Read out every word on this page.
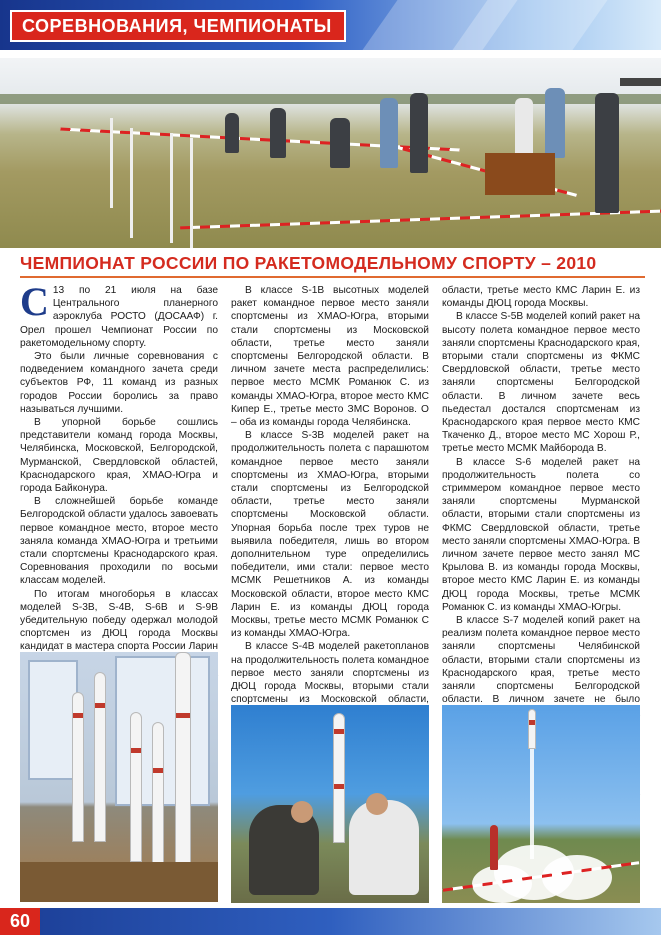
СОРЕВНОВАНИЯ, ЧЕМПИОНАТЫ
ЧЕМПИОНАТ РОССИИ ПО РАКЕТОМОДЕЛЬНОМУ СПОРТУ – 2010

С 13 по 21 июля на базе Центрального планерного аэроклуба РОСТО (ДОСААФ) г. Орел прошел Чемпионат России по ракетомодельному спорту.

Это были личные соревнования с подведением командного зачета среди субъектов РФ, 11 команд из разных городов России боролись за право называться лучшими.

В упорной борьбе сошлись представители команд города Москвы, Челябинска, Московской, Белгородской, Мурманской, Свердловской областей, Краснодарского края, ХМАО-Югра и города Байконура.

В сложнейшей борьбе команде Белгородской области удалось завоевать первое командное место, второе место заняла команда ХМАО-Югра и третьими стали спортсмены Краснодарского края. Соревнования проходили по восьми классам моделей.

По итогам многоборья в классах моделей S-3B, S-4B, S-6B и S-9B убедительную победу одержал молодой спортсмен из ДЮЦ города Москвы кандидат в мастера спорта России Ларин

В классе S-1B высотных моделей ракет командное первое место заняли спортсмены из ХМАО-Югра, вторыми стали спортсмены из Московской области, третье место заняли спортсмены Белгородской области. В личном зачете места распределились: первое место МСМК Романюк С. из команды ХМАО-Югра, второе место КМС Кипер Е., третье место ЗМС Воронов. О – оба из команды города Челябинска.

В классе S-3B моделей ракет на продолжительность полета с парашютом командное первое место заняли спортсмены из ХМАО-Югра, вторыми стали спортсмены из Белгородской области, третье место заняли спортсмены Московской области. Упорная борьба после трех туров не выявила победителя, лишь во втором дополнительном туре определились победители, ими стали: первое место МСМК Решетников А. из команды Московской области, второе место КМС Ларин Е. из команды ДЮЦ города Москвы, третье место МСМК Романюк С из команды ХМАО-Югра.

В классе S-4B моделей ракетопланов на продолжительность полета командное первое место заняли спортсмены из ДЮЦ города Москвы, вторыми стали спортсмены из Московской области,

области, третье место КМС Ларин Е. из команды ДЮЦ города Москвы.

В классе S-5B моделей копий ракет на высоту полета командное первое место заняли спортсмены Краснодарского края, вторыми стали спортсмены из ФКМС Свердловской области, третье место заняли спортсмены Белгородской области. В личном зачете весь пьедестал достался спортсменам из Краснодарского края первое место КМС Ткаченко Д., второе место МС Хорош Р., третье место МСМК Майборода В.

В классе S-6 моделей ракет на продолжительность полета со стриммером командное первое место заняли спортсмены Мурманской области, вторыми стали спортсмены из ФКМС Свердловской области, третье место заняли спортсмены ХМАО-Югра. В личном зачете первое место занял МС Крылова В. из команды города Москвы, второе место КМС Ларин Е. из команды ДЮЦ города Москвы, третье МСМК Романюк С. из команды ХМАО-Югры.

В классе S-7 моделей копий ракет на реализм полета командное первое место заняли спортсмены Челябинской области, вторыми стали спортсмены из Краснодарского края, третье место заняли спортсмены Белгородской области. В личном зачете не было

60
